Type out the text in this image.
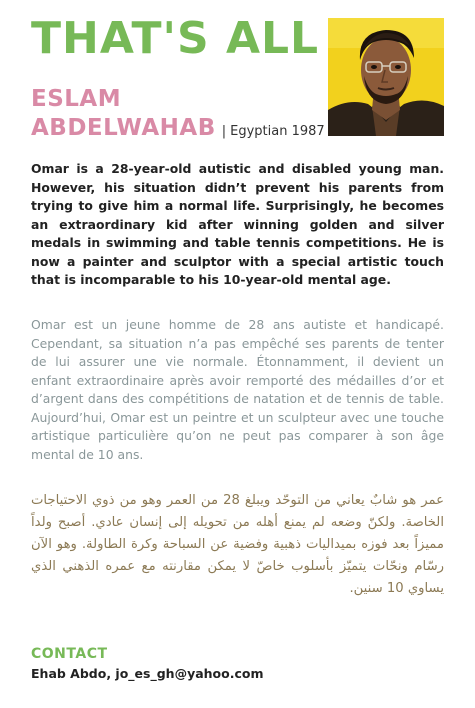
THAT'S ALL
ESLAM
ABDELWAHAB | Egyptian 1987

Omar is a 28-year-old autistic and disabled young man. However, his situation didn’t prevent his parents from trying to give him a normal life. Surprisingly, he becomes an extraordinary kid after winning golden and silver medals in swimming and table tennis competitions. He is now a painter and sculptor with a special artistic touch that is incomparable to his 10-year-old mental age.

Omar est un jeune homme de 28 ans autiste et handicapé. Cependant, sa situation n’a pas empêché ses parents de tenter de lui assurer une vie normale. Étonnamment, il devient un enfant extraordinaire après avoir remporté des médailles d’or et d’argent dans des compétitions de natation et de tennis de table. Aujourd’hui, Omar est un peintre et un sculpteur avec une touche artistique particulière qu’on ne peut pas comparer à son âge mental de 10 ans.

عمر هو شابٌ يعاني من التوحّد ويبلغ 28 من العمر وهو من ذوي الاحتياجات الخاصة. ولكنّ وضعه لم يمنع أهله من تحويله إلى إنسان عادي. أصبح ولداً مميزاً بعد فوزه بميداليات ذهبية وفضية عن السباحة وكرة الطاولة. وهو الآن رسّام ونحّات يتميّز بأسلوب خاصّ لا يمكن مقارنته مع عمره الذهني الذي يساوي 10 سنين.

CONTACT
Ehab Abdo, jo_es_gh@yahoo.com
